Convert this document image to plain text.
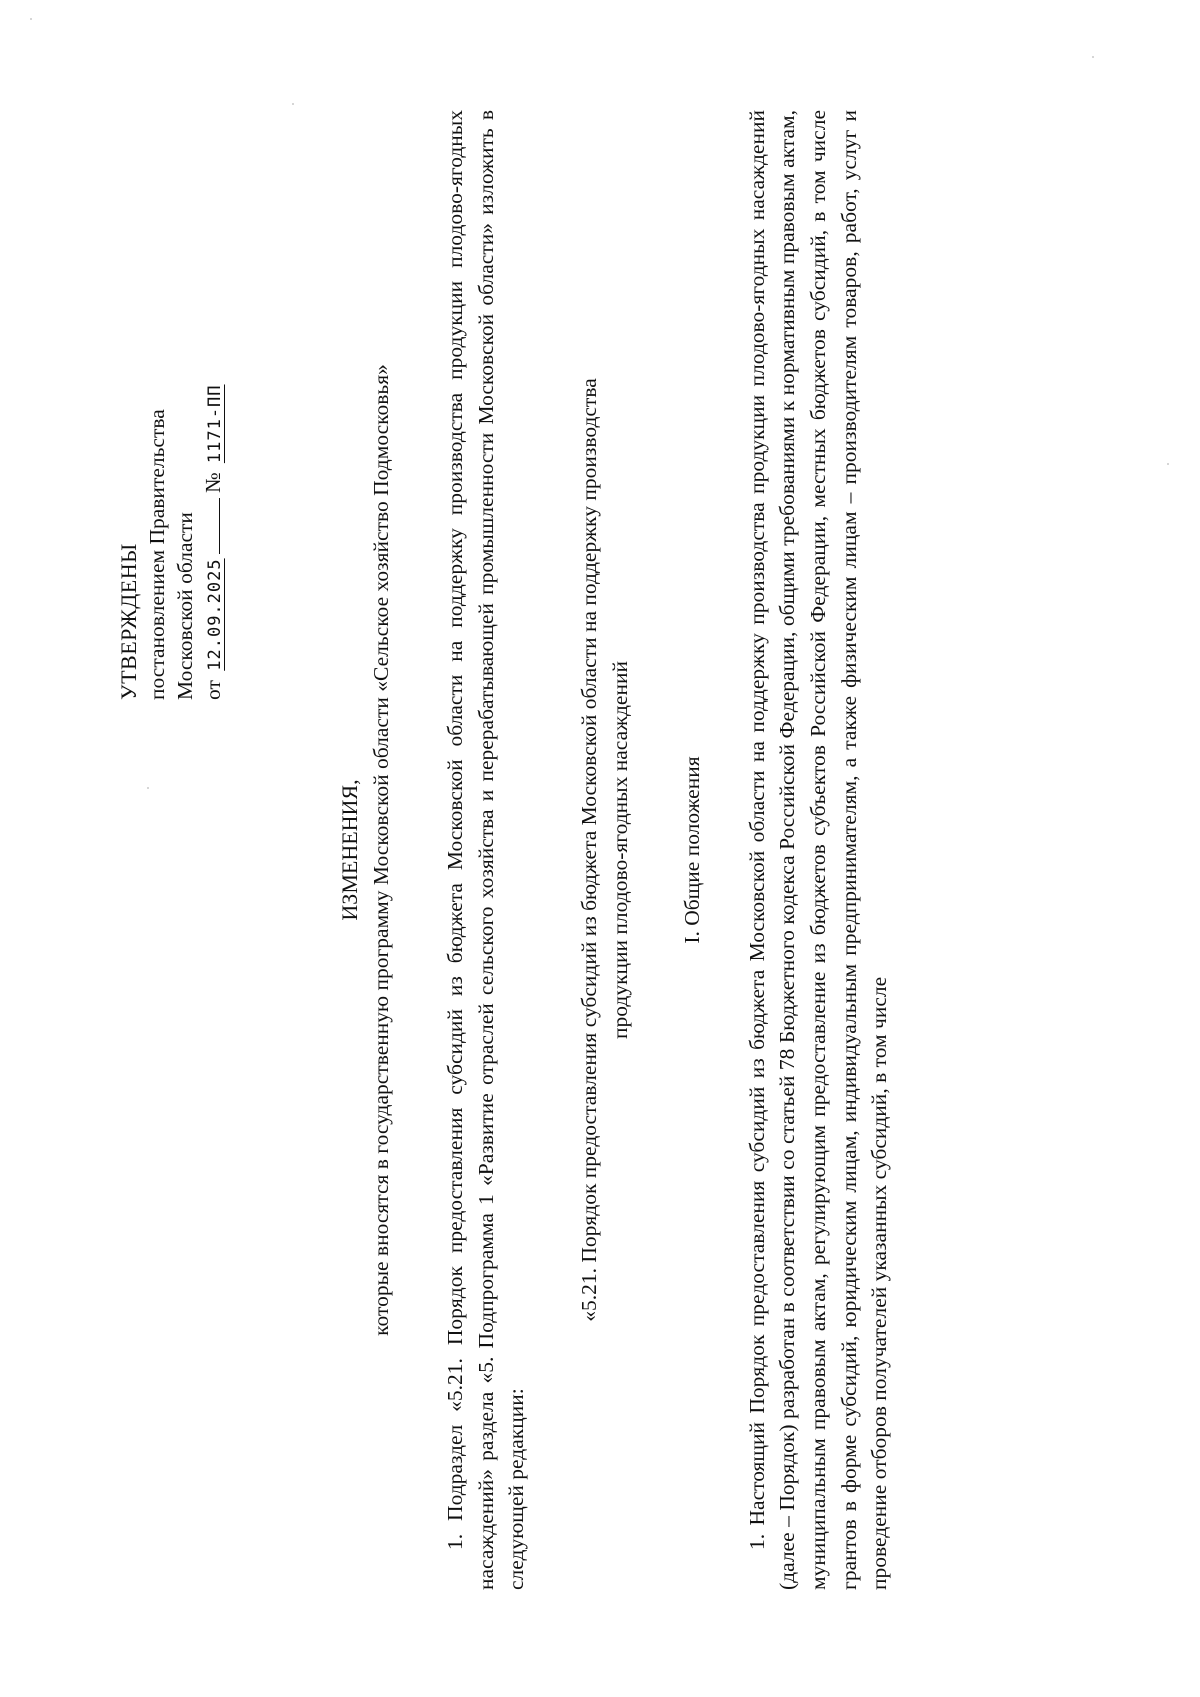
УТВЕРЖДЕНЫ постановлением Правительства Московской области от 12.09.2025 № 1171-ПП
ИЗМЕНЕНИЯ, которые вносятся в государственную программу Московской области «Сельское хозяйство Подмосковья» 1. Подраздел «5.21. Порядок предоставления субсидий из бюджета Московской области на поддержку производства продукции плодово-ягодных насаждений» раздела «5. Подпрограмма 1 «Развитие отраслей сельского хозяйства и перерабатывающей промышленности Московской области» изложить в следующей редакции:

«5.21. Порядок предоставления субсидий из бюджета Московской области на поддержку производства продукции плодово-ягодных насаждений I. Общие положения 1. Настоящий Порядок предоставления субсидий из бюджета Московской области на поддержку производства продукции плодово-ягодных насаждений (далее – Порядок) разработан в соответствии со статьей 78 Бюджетного кодекса Российской Федерации, общими требованиями к нормативным правовым актам, муниципальным правовым актам, регулирующим предоставление из бюджетов субъектов Российской Федерации, местных бюджетов субсидий, в том числе грантов в форме субсидий, юридическим лицам, индивидуальным предпринимателям, а также физическим лицам – производителям товаров, работ, услуг и проведение отборов получателей указанных субсидий, в том числе
